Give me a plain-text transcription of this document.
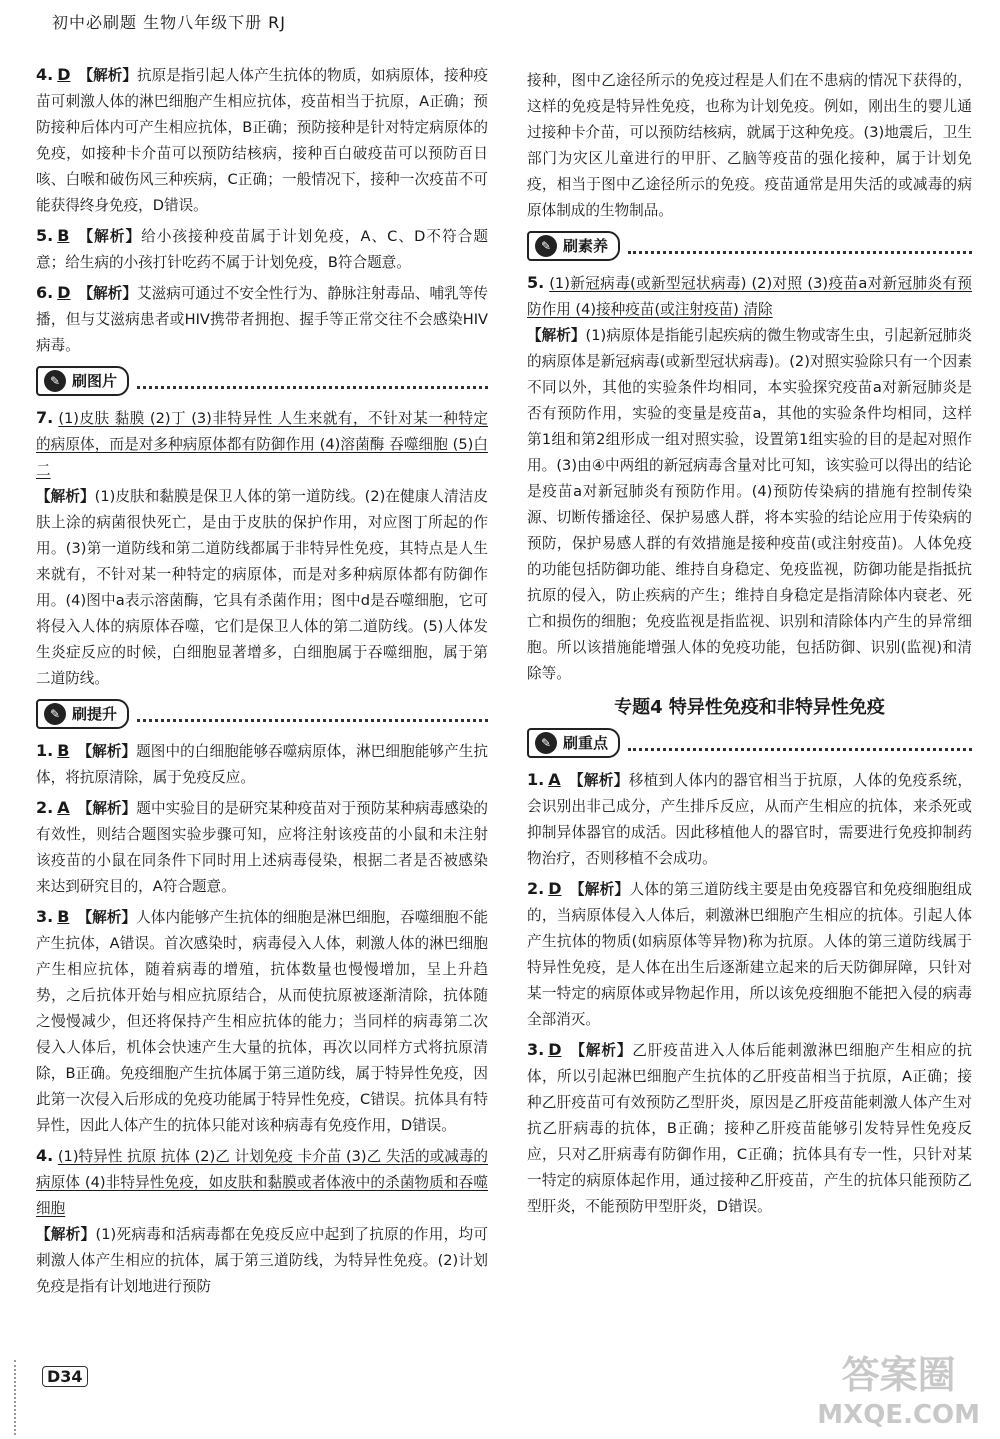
初中必刷题 生物八年级下册 RJ

4. D 【解析】抗原是指引起人体产生抗体的物质，如病原体，接种疫苗可刺激人体的淋巴细胞产生相应抗体，疫苗相当于抗原，A正确；预防接种后体内可产生相应抗体，B正确；预防接种是针对特定病原体的免疫，如接种卡介苗可以预防结核病，接种百白破疫苗可以预防百日咳、白喉和破伤风三种疾病，C正确；一般情况下，接种一次疫苗不可能获得终身免疫，D错误。

5. B 【解析】给小孩接种疫苗属于计划免疫，A、C、D不符合题意；给生病的小孩打针吃药不属于计划免疫，B符合题意。

6. D 【解析】艾滋病可通过不安全性行为、静脉注射毒品、哺乳等传播，但与艾滋病患者或HIV携带者拥抱、握手等正常交往不会感染HIV病毒。

✎ 刷图片

7. (1)皮肤 黏膜 (2)丁 (3)非特异性 人生来就有，不针对某一种特定的病原体，而是对多种病原体都有防御作用 (4)溶菌酶 吞噬细胞 (5)白 二
【解析】(1)皮肤和黏膜是保卫人体的第一道防线。(2)在健康人清洁皮肤上涂的病菌很快死亡，是由于皮肤的保护作用，对应图丁所起的作用。(3)第一道防线和第二道防线都属于非特异性免疫，其特点是人生来就有，不针对某一种特定的病原体，而是对多种病原体都有防御作用。(4)图中a表示溶菌酶，它具有杀菌作用；图中d是吞噬细胞，它可将侵入人体的病原体吞噬，它们是保卫人体的第二道防线。(5)人体发生炎症反应的时候，白细胞显著增多，白细胞属于吞噬细胞，属于第二道防线。

✎ 刷提升

1. B 【解析】题图中的白细胞能够吞噬病原体，淋巴细胞能够产生抗体，将抗原清除，属于免疫反应。

2. A 【解析】题中实验目的是研究某种疫苗对于预防某种病毒感染的有效性，则结合题图实验步骤可知，应将注射该疫苗的小鼠和未注射该疫苗的小鼠在同条件下同时用上述病毒侵染，根据二者是否被感染来达到研究目的，A符合题意。

3. B 【解析】人体内能够产生抗体的细胞是淋巴细胞，吞噬细胞不能产生抗体，A错误。首次感染时，病毒侵入人体，刺激人体的淋巴细胞产生相应抗体，随着病毒的增殖，抗体数量也慢慢增加，呈上升趋势，之后抗体开始与相应抗原结合，从而使抗原被逐渐清除，抗体随之慢慢减少，但还将保持产生相应抗体的能力；当同样的病毒第二次侵入人体后，机体会快速产生大量的抗体，再次以同样方式将抗原清除，B正确。免疫细胞产生抗体属于第三道防线，属于特异性免疫，因此第一次侵入后形成的免疫功能属于特异性免疫，C错误。抗体具有特异性，因此人体产生的抗体只能对该种病毒有免疫作用，D错误。

4. (1)特异性 抗原 抗体 (2)乙 计划免疫 卡介苗 (3)乙 失活的或减毒的病原体 (4)非特异性免疫，如皮肤和黏膜或者体液中的杀菌物质和吞噬细胞
【解析】(1)死病毒和活病毒都在免疫反应中起到了抗原的作用，均可刺激人体产生相应的抗体，属于第三道防线，为特异性免疫。(2)计划免疫是指有计划地进行预防

接种，图中乙途径所示的免疫过程是人们在不患病的情况下获得的，这样的免疫是特异性免疫，也称为计划免疫。例如，刚出生的婴儿通过接种卡介苗，可以预防结核病，就属于这种免疫。(3)地震后，卫生部门为灾区儿童进行的甲肝、乙脑等疫苗的强化接种，属于计划免疫，相当于图中乙途径所示的免疫。疫苗通常是用失活的或减毒的病原体制成的生物制品。

✎ 刷素养

5. (1)新冠病毒(或新型冠状病毒) (2)对照 (3)疫苗a对新冠肺炎有预防作用 (4)接种疫苗(或注射疫苗) 清除
【解析】(1)病原体是指能引起疾病的微生物或寄生虫，引起新冠肺炎的病原体是新冠病毒(或新型冠状病毒)。(2)对照实验除只有一个因素不同以外，其他的实验条件均相同，本实验探究疫苗a对新冠肺炎是否有预防作用，实验的变量是疫苗a，其他的实验条件均相同，这样第1组和第2组形成一组对照实验，设置第1组实验的目的是起对照作用。(3)由④中两组的新冠病毒含量对比可知，该实验可以得出的结论是疫苗a对新冠肺炎有预防作用。(4)预防传染病的措施有控制传染源、切断传播途径、保护易感人群，将本实验的结论应用于传染病的预防，保护易感人群的有效措施是接种疫苗(或注射疫苗)。人体免疫的功能包括防御功能、维持自身稳定、免疫监视，防御功能是指抵抗抗原的侵入，防止疾病的产生；维持自身稳定是指清除体内衰老、死亡和损伤的细胞；免疫监视是指监视、识别和清除体内产生的异常细胞。所以该措施能增强人体的免疫功能，包括防御、识别(监视)和清除等。

专题4 特异性免疫和非特异性免疫
✎ 刷重点

1. A 【解析】移植到人体内的器官相当于抗原，人体的免疫系统，会识别出非己成分，产生排斥反应，从而产生相应的抗体，来杀死或抑制异体器官的成活。因此移植他人的器官时，需要进行免疫抑制药物治疗，否则移植不会成功。

2. D 【解析】人体的第三道防线主要是由免疫器官和免疫细胞组成的，当病原体侵入人体后，刺激淋巴细胞产生相应的抗体。引起人体产生抗体的物质(如病原体等异物)称为抗原。人体的第三道防线属于特异性免疫，是人体在出生后逐渐建立起来的后天防御屏障，只针对某一特定的病原体或异物起作用，所以该免疫细胞不能把入侵的病毒全部消灭。

3. D 【解析】乙肝疫苗进入人体后能刺激淋巴细胞产生相应的抗体，所以引起淋巴细胞产生抗体的乙肝疫苗相当于抗原，A正确；接种乙肝疫苗可有效预防乙型肝炎，原因是乙肝疫苗能刺激人体产生对抗乙肝病毒的抗体，B正确；接种乙肝疫苗能够引发特异性免疫反应，只对乙肝病毒有防御作用，C正确；抗体具有专一性，只针对某一特定的病原体起作用，通过接种乙肝疫苗，产生的抗体只能预防乙型肝炎，不能预防甲型肝炎，D错误。

D34	答案圈
MXQE.COM
